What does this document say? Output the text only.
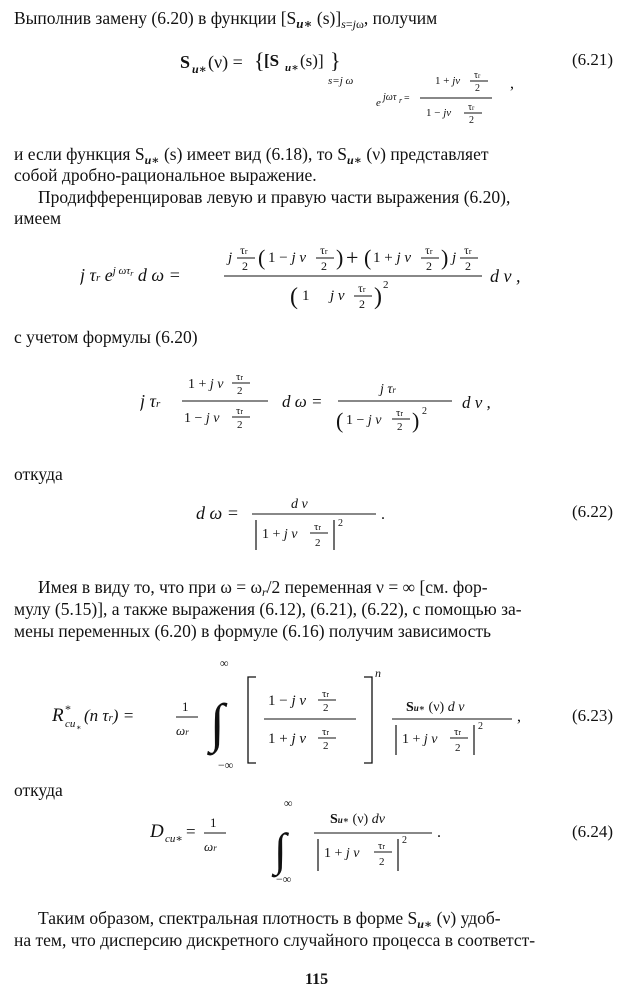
Выполнив замену (6.20) в функции [$S_{u∗}$ $(s)]_{s=j\omega}$, получим
S u∗ (ν) = { [S u∗ (s)] }
s=j ω
e jωτ r =
1 + jν τr
2
1 − jν τr
2
,
(6.21)
и если функция $S_{u∗}$ (s) имеет вид (6.18), то $S_{u∗}$ (ν) представляет
собой дробно-рациональное выражение.
Продифференцировав левую и правую части выражения (6.20),
имеем
j τr $e^{j \omega\tau}r$ d ω =
j τr
2 ( 1 − j ν τr
2 ) + ( 1 + j ν τr
2 ) j τr
2
( 1 j ν τr
2 ) 2	d ν ,
с учетом формулы (6.20)
j τr
1 + j ν τr
2
1 − j ν τr
2
d ω =
j τr
( 1 − j ν τr
2 ) 2 d ν ,
откуда
d ω =	d ν
1 + j ν τr
2
2
.	(6.22)
Имея в виду то, что при ω = ωr/2 переменная ν = ∞ [см. фор-
мулу (5.15)], а также выражения (6.12), (6.21), (6.22), с помощью за-
мены переменных (6.20) в формуле (6.16) получим зависимость
R *
cu ∗
(n τr) =	1
ωr
∞
∫
−∞
1 − j ν τr
2
1 + j ν τr
2
n
Su∗ (ν) d ν
1 + j ν τr
2
2
,	(6.23)
откуда
D cu∗ = 1
ωr
∞
∫
−∞
Su∗ (ν) dν
1 + j ν τr
2
2 .	(6.24)
Таким образом, спектральная плотность в форме $S_{u∗}$ (ν) удоб-
на тем, что дисперсию дискретного случайного процесса в соответст-
115
